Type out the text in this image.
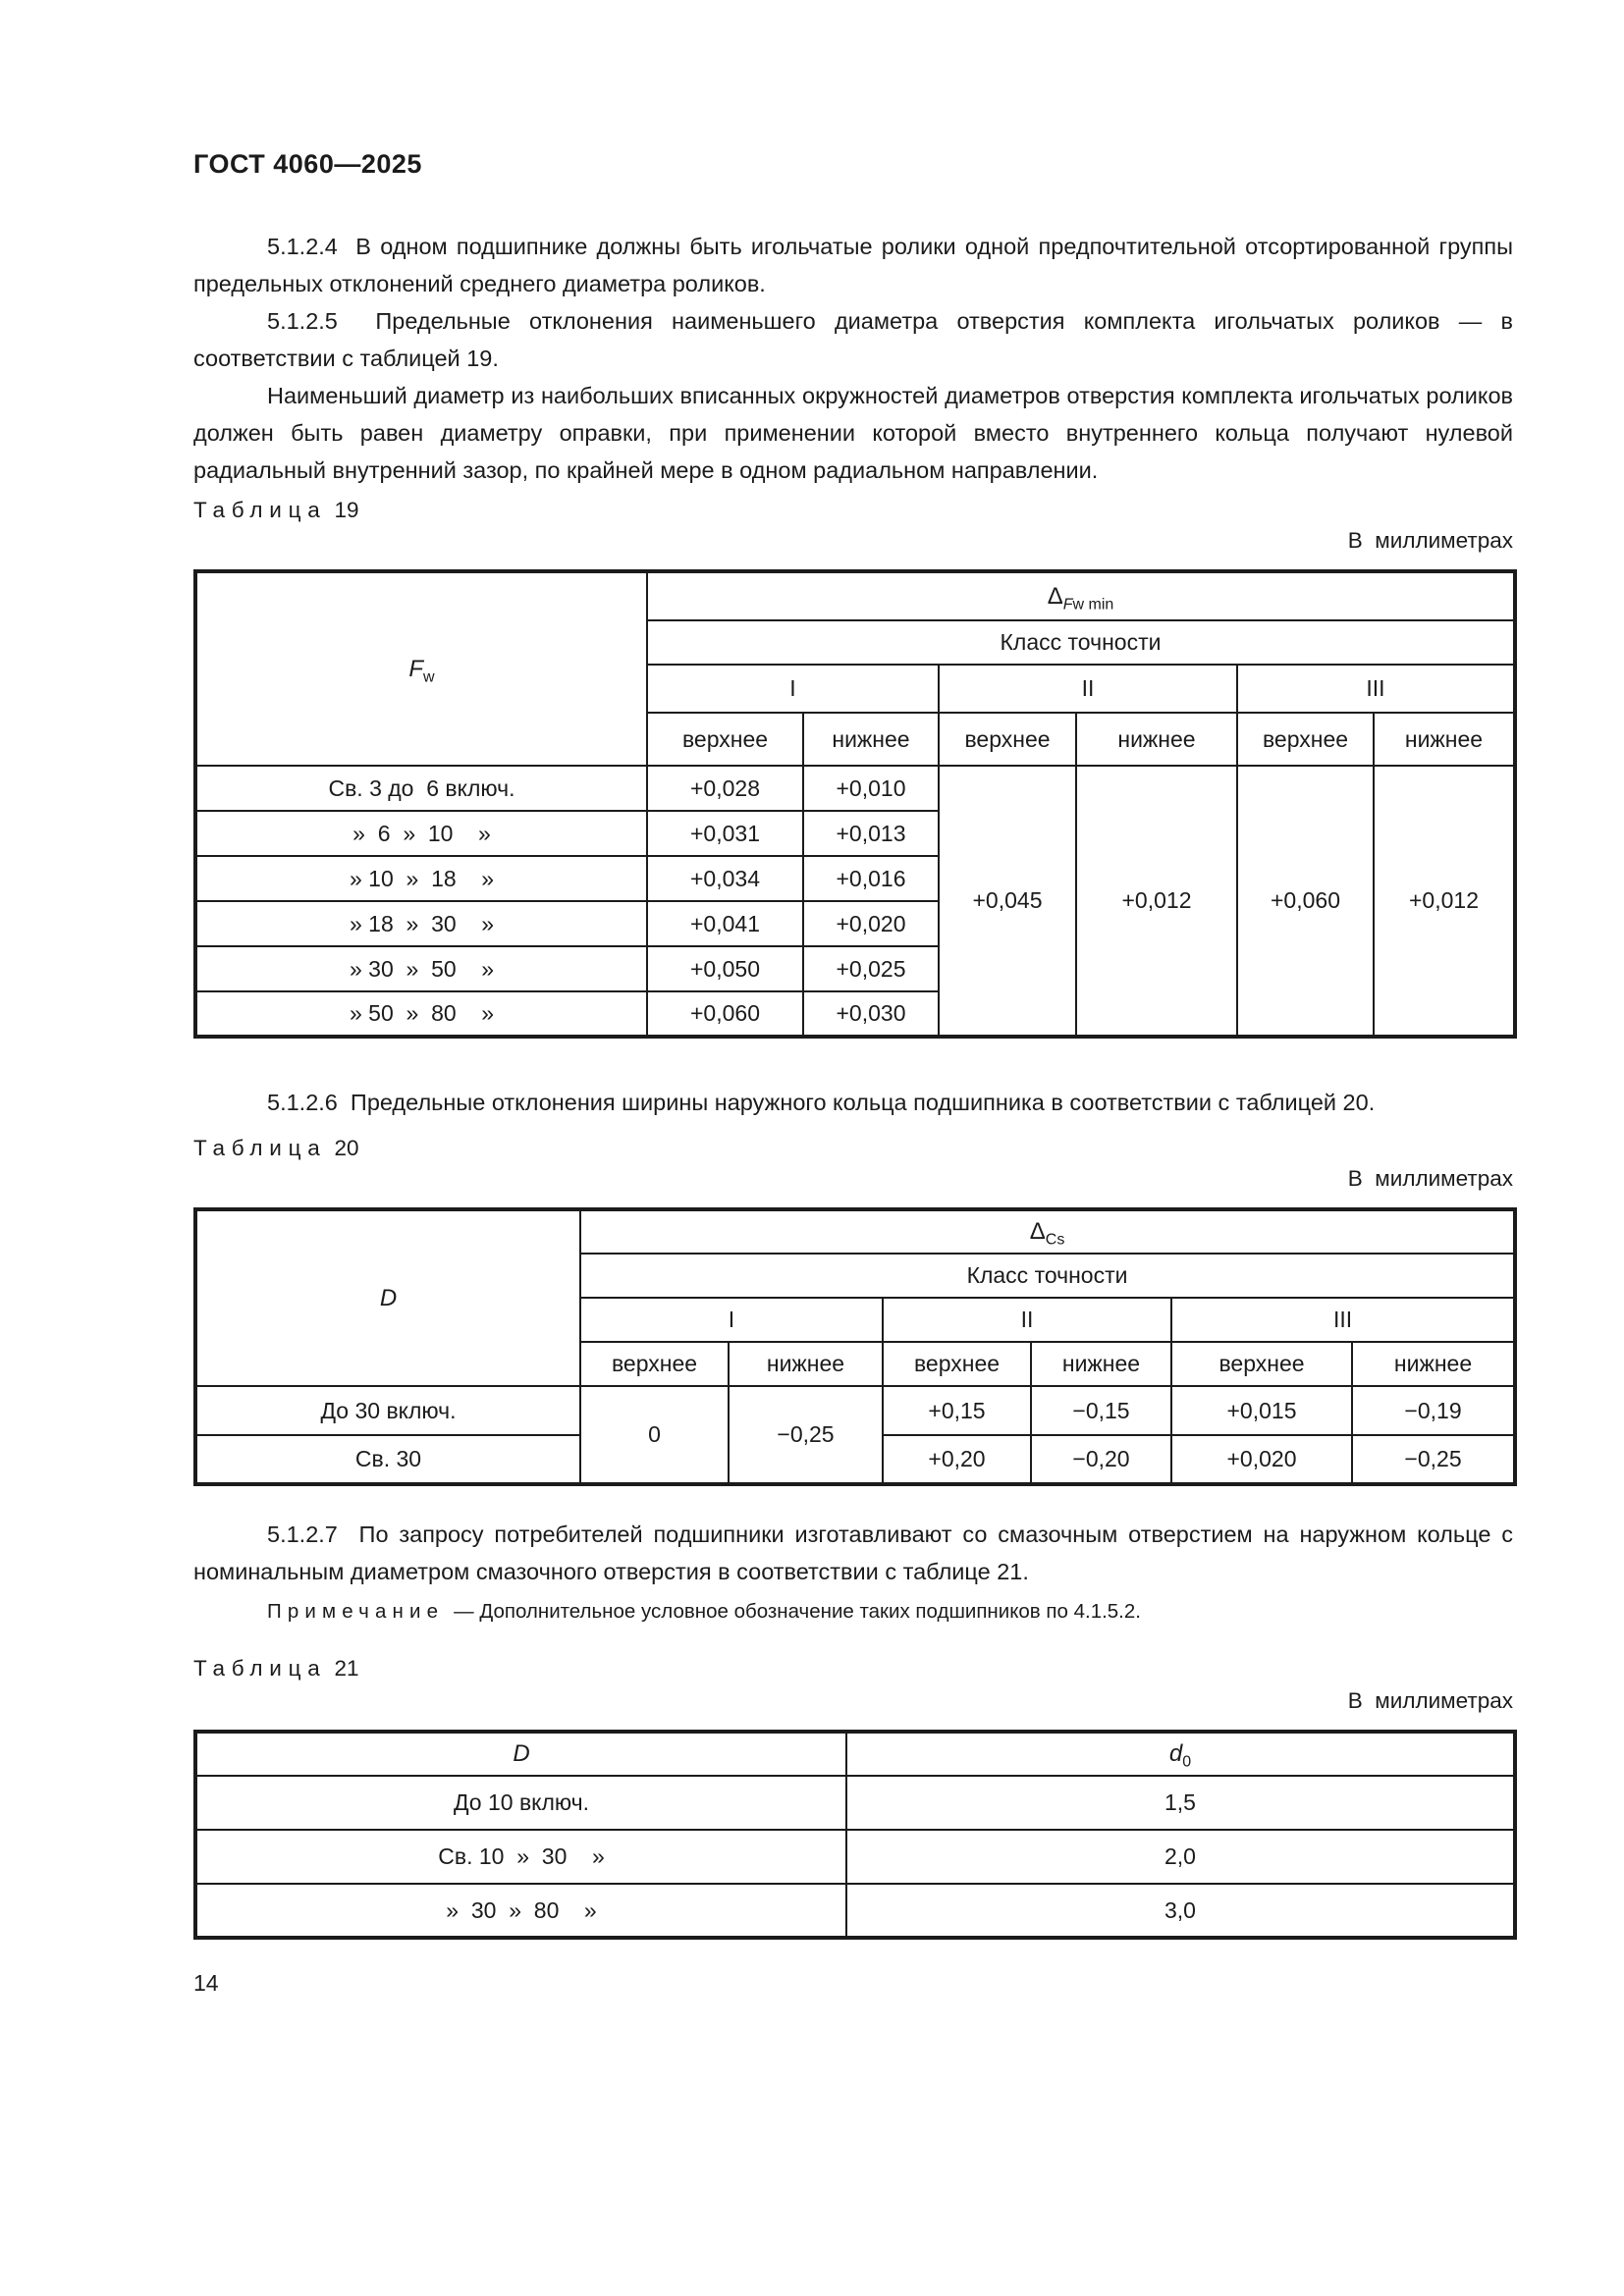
ГОСТ 4060—2025

5.1.2.4  В одном подшипнике должны быть игольчатые ролики одной предпочтительной отсортированной группы предельных отклонений среднего диаметра роликов.

5.1.2.5  Предельные отклонения наименьшего диаметра отверстия комплекта игольчатых роликов — в соответствии с таблицей 19.

Наименьший диаметр из наибольших вписанных окружностей диаметров отверстия комплекта игольчатых роликов должен быть равен диаметру оправки, при применении которой вместо внутреннего кольца получают нулевой радиальный внутренний зазор, по крайней мере в одном радиальном направлении.

Таблица 19
В  миллиметрах
$F_w$	$\Delta_{Fw min}$
	Класс точности					
	I		II		III	
	верхнее	нижнее	верхнее	нижнее	верхнее	нижнее
Св. 3 до  6 включ.	+0,028	+0,010	+0,045	+0,012	+0,060	+0,012
»  6  »  10    »	+0,031	+0,013				
» 10  »  18    »	+0,034	+0,016				
» 18  »  30    »	+0,041	+0,020				
» 30  »  50    »	+0,050	+0,025				
» 50  »  80    »	+0,060	+0,030				

5.1.2.6  Предельные отклонения ширины наружного кольца подшипника в соответствии с таблицей 20.

Таблица 20
В  миллиметрах
D	$\Delta_{Cs}$
	Класс точности					
	I		II		III	
	верхнее	нижнее	верхнее	нижнее	верхнее	нижнее
До 30 включ.	0	−0,25	+0,15	−0,15	+0,015	−0,19
Св. 30			+0,20	−0,20	+0,020	−0,25

5.1.2.7  По запросу потребителей подшипники изготавливают со смазочным отверстием на наружном кольце с номинальным диаметром смазочного отверстия в соответствии с таблице 21.

Примечание — Дополнительное условное обозначение таких подшипников по 4.1.5.2.
Таблица 21
В  миллиметрах
D	$d_0$
До 10 включ.	1,5
Св. 10  »  30    »	2,0
»  30  »  80    »	3,0
14
